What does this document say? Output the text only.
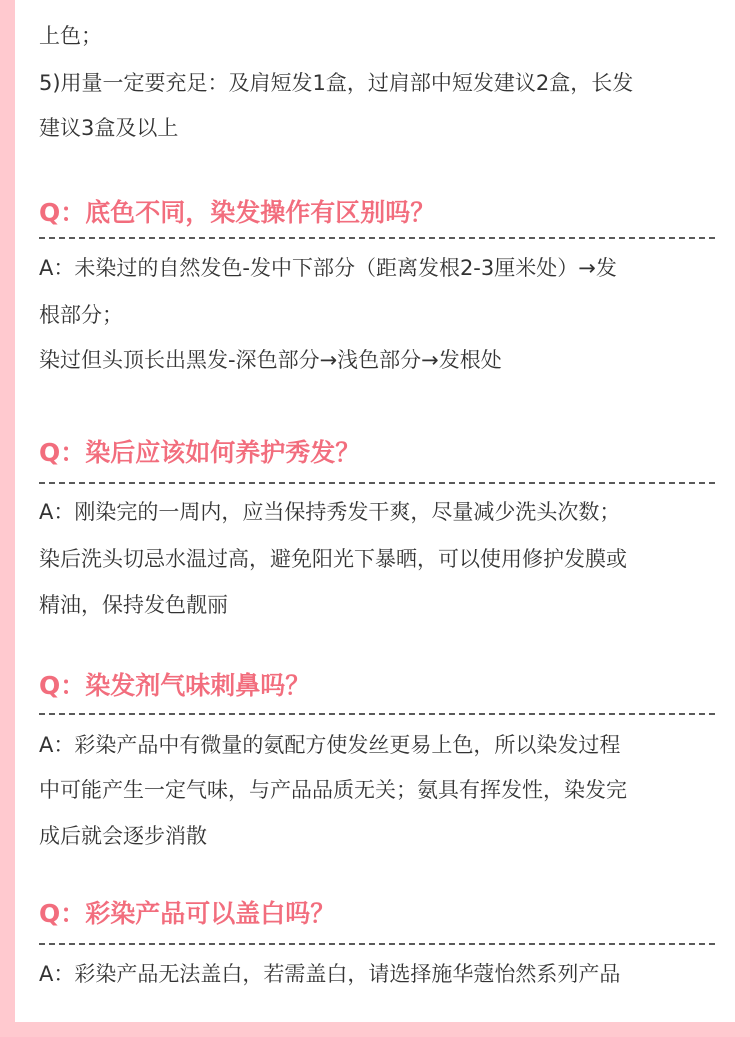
上色；
5)用量一定要充足：及肩短发1盒，过肩部中短发建议2盒，长发
建议3盒及以上
Q：底色不同，染发操作有区别吗？
A：未染过的自然发色-发中下部分（距离发根2-3厘米处）→发
根部分；
染过但头顶长出黑发-深色部分→浅色部分→发根处
Q：染后应该如何养护秀发？
A：刚染完的一周内，应当保持秀发干爽，尽量减少洗头次数；
染后洗头切忌水温过高，避免阳光下暴晒，可以使用修护发膜或
精油，保持发色靓丽
Q：染发剂气味刺鼻吗？
A：彩染产品中有微量的氨配方使发丝更易上色，所以染发过程
中可能产生一定气味，与产品品质无关；氨具有挥发性，染发完
成后就会逐步消散
Q：彩染产品可以盖白吗？
A：彩染产品无法盖白，若需盖白，请选择施华蔻怡然系列产品
